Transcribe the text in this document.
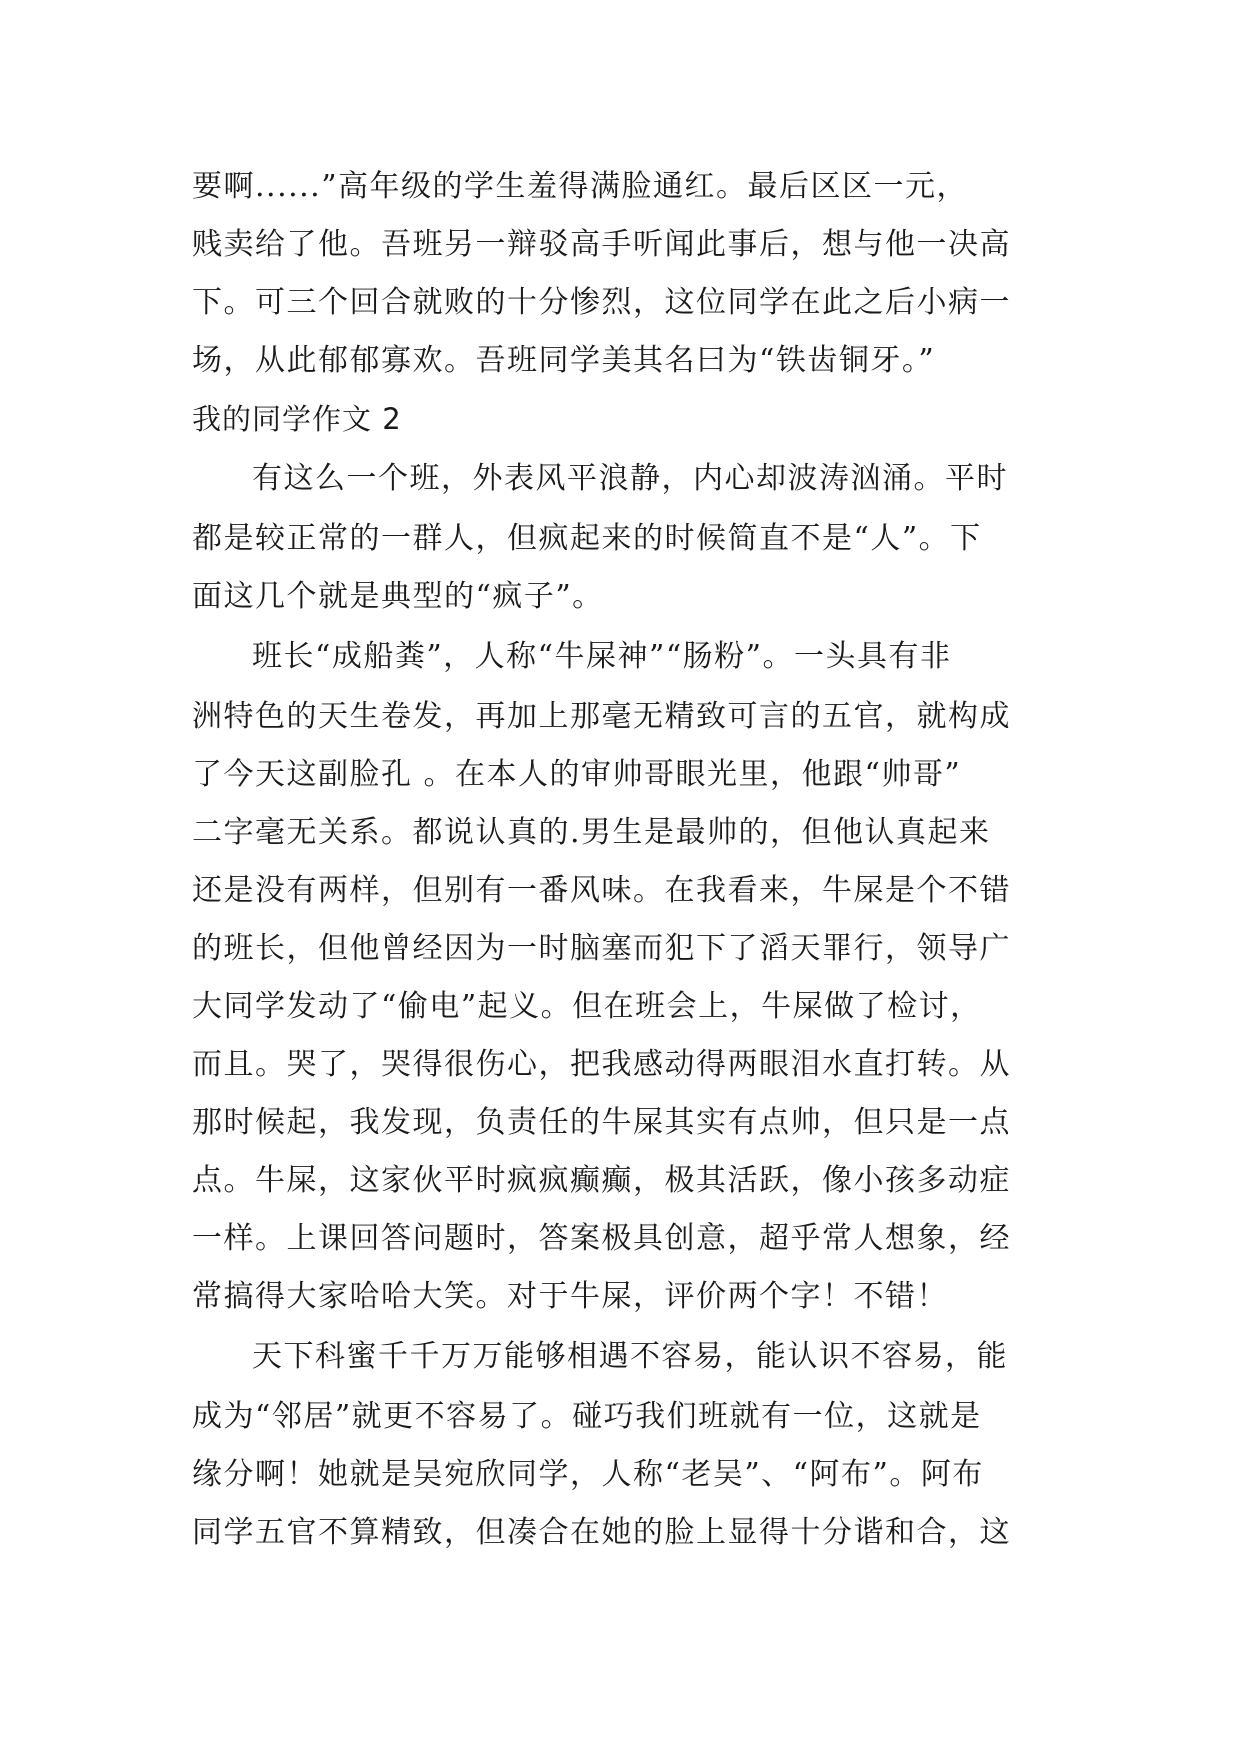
要啊......”高年级的学生羞得满脸通红。最后区区一元，
贱卖给了他。吾班另一辩驳高手听闻此事后，想与他一决高
下。可三个回合就败的十分惨烈，这位同学在此之后小病一
场，从此郁郁寡欢。吾班同学美其名曰为“铁齿铜牙。”
我的同学作文 2
有这么一个班，外表风平浪静，内心却波涛汹涌。平时
都是较正常的一群人，但疯起来的时候简直不是“人”。下
面这几个就是典型的“疯子”。
班长“成船粪”，人称“牛屎神”“肠粉”。一头具有非
洲特色的天生卷发，再加上那毫无精致可言的五官，就构成
了今天这副脸孔 。在本人的审帅哥眼光里，他跟“帅哥”
二字毫无关系。都说认真的.男生是最帅的，但他认真起来
还是没有两样，但别有一番风味。在我看来，牛屎是个不错
的班长，但他曾经因为一时脑塞而犯下了滔天罪行，领导广
大同学发动了“偷电”起义。但在班会上，牛屎做了检讨，
而且。哭了，哭得很伤心，把我感动得两眼泪水直打转。从
那时候起，我发现，负责任的牛屎其实有点帅，但只是一点
点。牛屎，这家伙平时疯疯癫癫，极其活跃，像小孩多动症
一样。上课回答问题时，答案极具创意，超乎常人想象，经
常搞得大家哈哈大笑。对于牛屎，评价两个字！不错！
天下科蜜千千万万能够相遇不容易，能认识不容易，能
成为“邻居”就更不容易了。碰巧我们班就有一位，这就是
缘分啊！她就是吴宛欣同学，人称“老吴”、“阿布”。阿布
同学五官不算精致，但凑合在她的脸上显得十分谐和合，这
